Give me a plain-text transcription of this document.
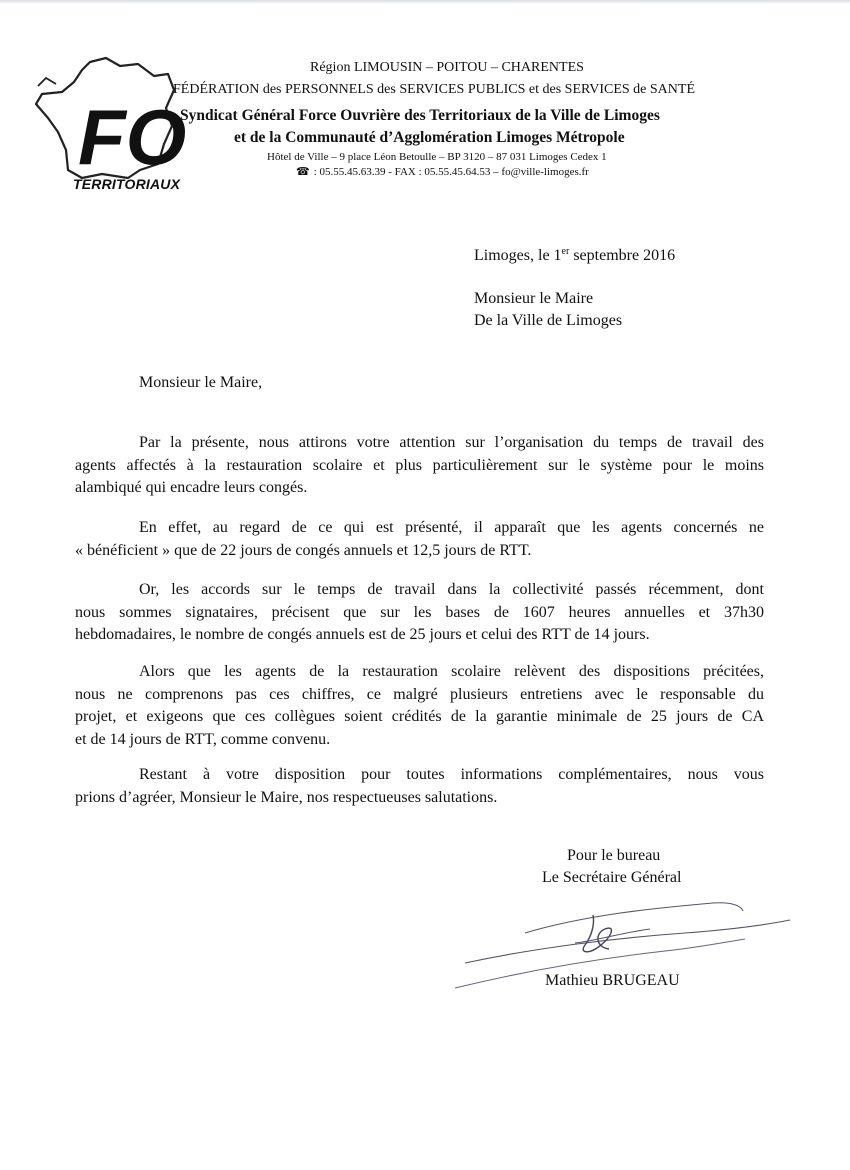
FO
TERRITORIAUX
Région LIMOUSIN – POITOU – CHARENTES
FÉDÉRATION des PERSONNELS des SERVICES PUBLICS et des SERVICES de SANTÉ
Syndicat Général Force Ouvrière des Territoriaux de la Ville de Limoges
et de la Communauté d’Agglomération Limoges Métropole
Hôtel de Ville – 9 place Léon Betoulle – BP 3120 – 87 031 Limoges Cedex 1
☎ : 05.55.45.63.39 - FAX : 05.55.45.64.53 – fo@ville-limoges.fr
Limoges, le 1er septembre 2016
Monsieur le Maire
De la Ville de Limoges
Monsieur le Maire,
Par la présente, nous attirons votre attention sur l’organisation du temps de travail des
agents affectés à la restauration scolaire et plus particulièrement sur le système pour le moins
alambiqué qui encadre leurs congés.
En effet, au regard de ce qui est présenté, il apparaît que les agents concernés ne
« bénéficient » que de 22 jours de congés annuels et 12,5 jours de RTT.
Or, les accords sur le temps de travail dans la collectivité passés récemment, dont
nous sommes signataires, précisent que sur les bases de 1607 heures annuelles et 37h30
hebdomadaires, le nombre de congés annuels est de 25 jours et celui des RTT de 14 jours.
Alors que les agents de la restauration scolaire relèvent des dispositions précitées,
nous ne comprenons pas ces chiffres, ce malgré plusieurs entretiens avec le responsable du
projet, et exigeons que ces collègues soient crédités de la garantie minimale de 25 jours de CA
et de 14 jours de RTT, comme convenu.
Restant à votre disposition pour toutes informations complémentaires, nous vous
prions d’agréer, Monsieur le Maire, nos respectueuses salutations.
Pour le bureau
Le Secrétaire Général
Mathieu BRUGEAU
